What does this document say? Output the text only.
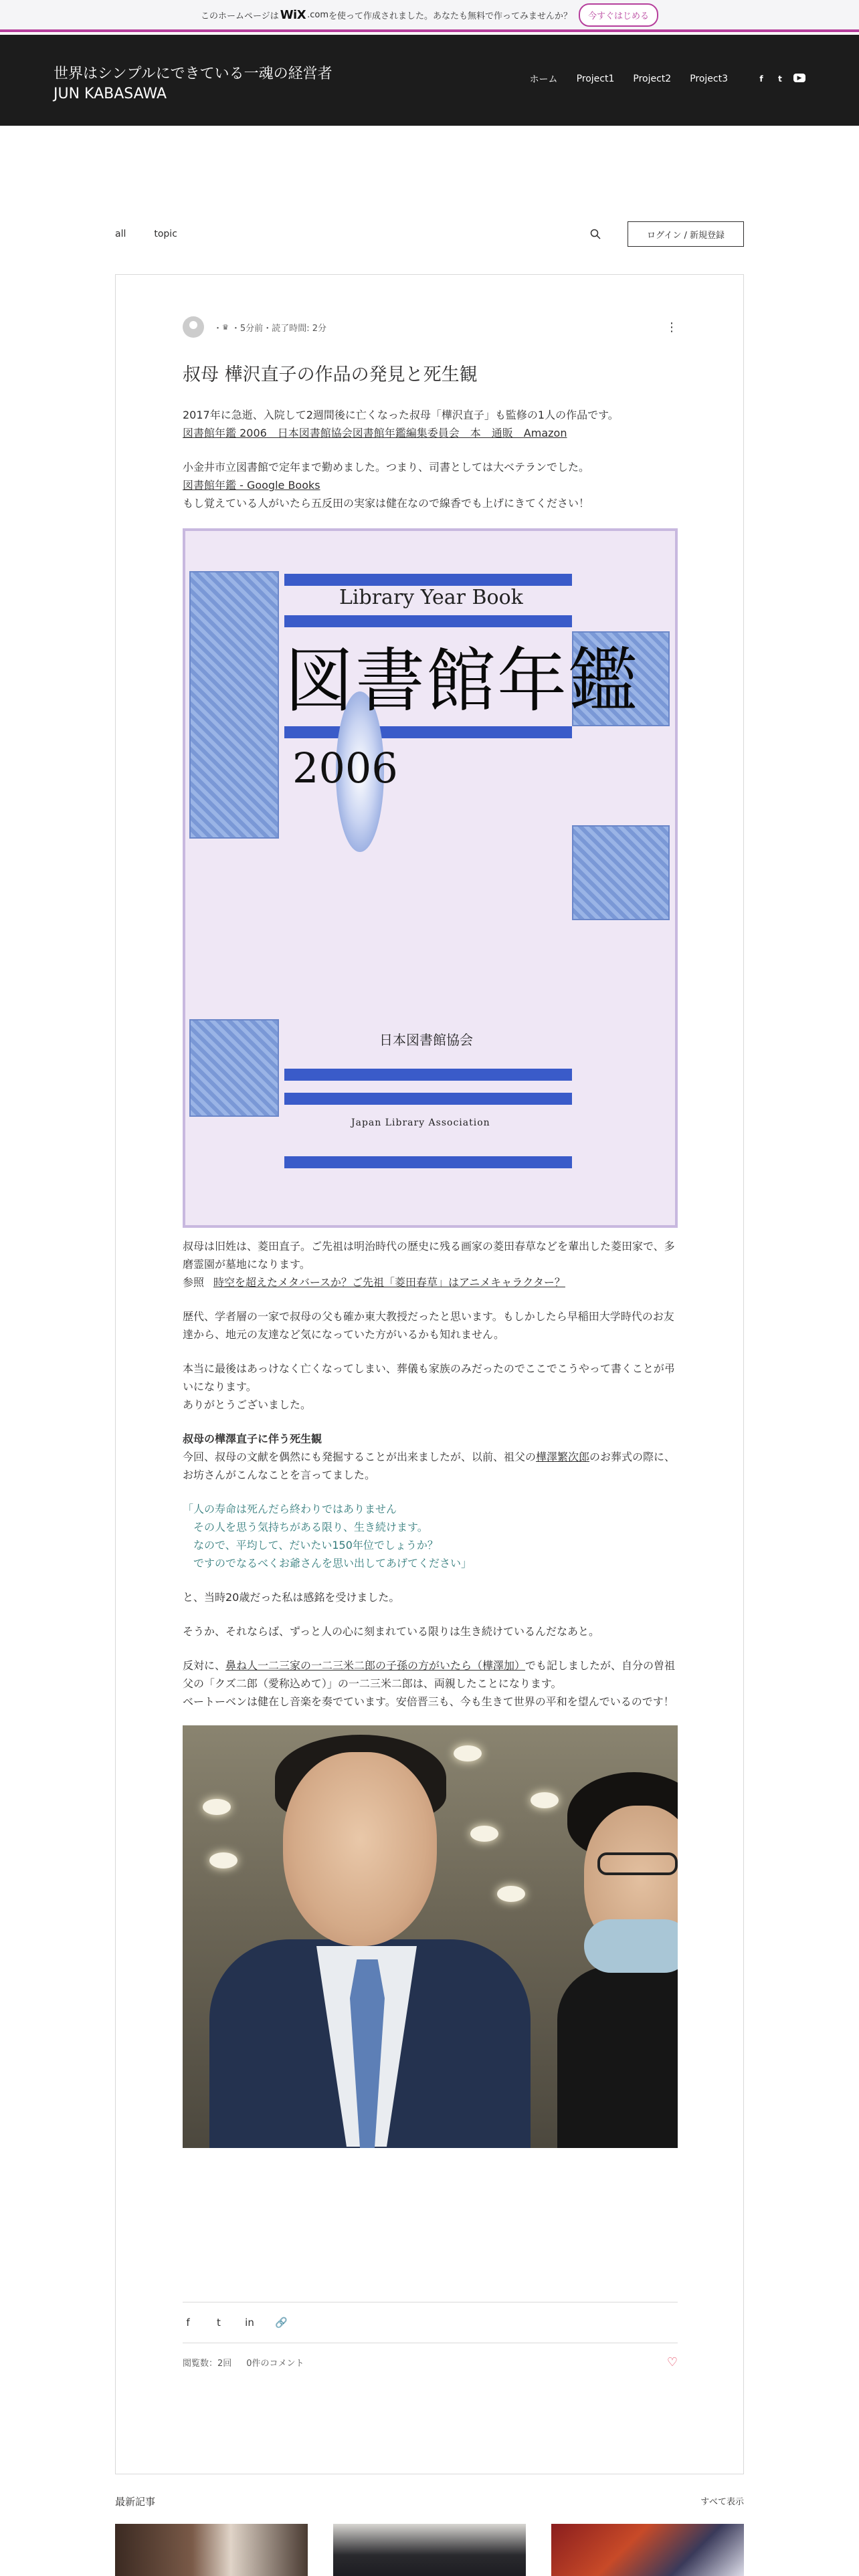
このホームページは WiX .com を使って作成されました。あなたも無料で作ってみませんか？	今すぐはじめる
世界はシンプルにできている一魂の経営者
JUN KABASAWA
ホーム Project1 Project2 Project3	f	t	▶
all	topic	ログイン / 新規登録
・ ♛ ・ 5分前 ・ 読了時間: 2分	⋮
叔母 樺沢直子の作品の発見と死生観

2017年に急逝、入院して2週間後に亡くなった叔母「樺沢直子」も監修の1人の作品です。
図書館年鑑 2006　日本図書館協会図書館年鑑編集委員会　本　通販　Amazon

小金井市立図書館で定年まで勤めました。つまり、司書としては大ベテランでした。
図書館年鑑 - Google Books
もし覚えている人がいたら五反田の実家は健在なので線香でも上げにきてください！

Library Year Book
図書館年鑑
2006
日本図書館協会
Japan Library Association

叔母は旧姓は、菱田直子。ご先祖は明治時代の歴史に残る画家の菱田春草などを輩出した菱田家で、多磨霊園が墓地になります。
参照 時空を超えたメタバースか？ご先祖「菱田春草」はアニメキャラクター？

歴代、学者層の一家で叔母の父も確か東大教授だったと思います。もしかしたら早稲田大学時代のお友達から、地元の友達など気になっていた方がいるかも知れません。

本当に最後はあっけなく亡くなってしまい、葬儀も家族のみだったのでここでこうやって書くことが弔いになります。
ありがとうございました。

叔母の樺澤直子に伴う死生観
今回、叔母の文献を偶然にも発掘することが出来ましたが、以前、祖父の樺澤繁次郎のお葬式の際に、お坊さんがこんなことを言ってました。

「人の寿命は死んだら終わりではありません
　その人を思う気持ちがある限り、生き続けます。
　なので、平均して、だいたい150年位でしょうか？
　ですのでなるべくお爺さんを思い出してあげてください」

と、当時20歳だった私は感銘を受けました。

そうか、それならば、ずっと人の心に刻まれている限りは生き続けているんだなあと。

反対に、鼻ね人一二三家の一二三米二郎の子孫の方がいたら（樺澤加）でも記しましたが、自分の曽祖父の「クズ二郎（愛称込めて）」の一二三米二郎は、両親したことになります。
ベートーベンは健在し音楽を奏でています。安倍晋三も、今も生きて世界の平和を望んでいるのです！

f	t	in 🔗
閲覧数：2回 0件のコメント	♡
最新記事	すべて表示
